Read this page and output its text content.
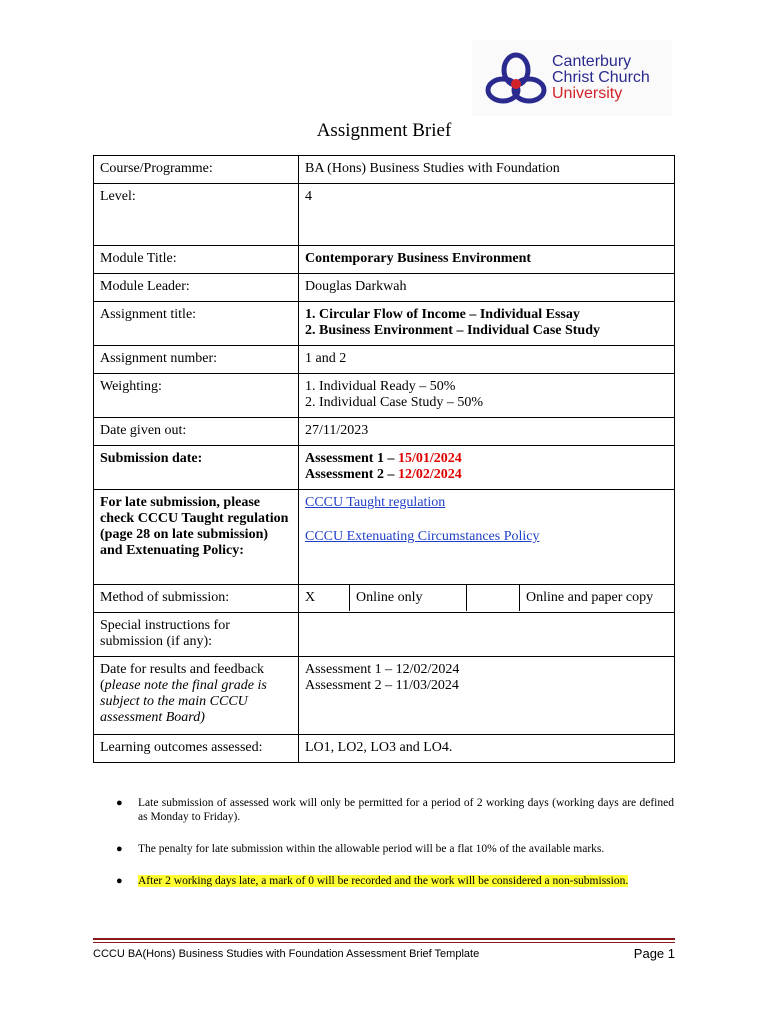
Canterbury
Christ Church
University
Assignment Brief
Course/Programme:	BA (Hons) Business Studies with Foundation
Level:	4
Module Title:	Contemporary Business Environment
Module Leader:	Douglas Darkwah
Assignment title:	1. Circular Flow of Income – Individual Essay
2. Business Environment – Individual Case Study

Assignment number:	1 and 2
Weighting:	1. Individual Ready – 50%
2. Individual Case Study – 50%

Date given out:	27/11/2023
Submission date:	Assessment 1 – 15/01/2024
Assessment 2 – 12/02/2024

For late submission, please check CCCU Taught regulation (page 28 on late submission) and Extenuating Policy:	
CCCU Taught regulation
CCCU Extenuating Circumstances Policy

Method of submission:		X	Online only		Online and paper copy

Special instructions for submission (if any):	
Date for results and feedback (please note the final grade is subject to the main CCCU assessment Board)	
Assessment 1 – 12/02/2024
Assessment 2 – 11/03/2024

Learning outcomes assessed:	LO1, LO2, LO3 and LO4.
● Late submission of assessed work will only be permitted for a period of 2 working days (working days are defined as Monday to Friday).
● The penalty for late submission within the allowable period will be a flat 10% of the available marks.
● After 2 working days late, a mark of 0 will be recorded and the work will be considered a non-submission.
CCCU BA(Hons) Business Studies with Foundation Assessment Brief Template	Page 1
